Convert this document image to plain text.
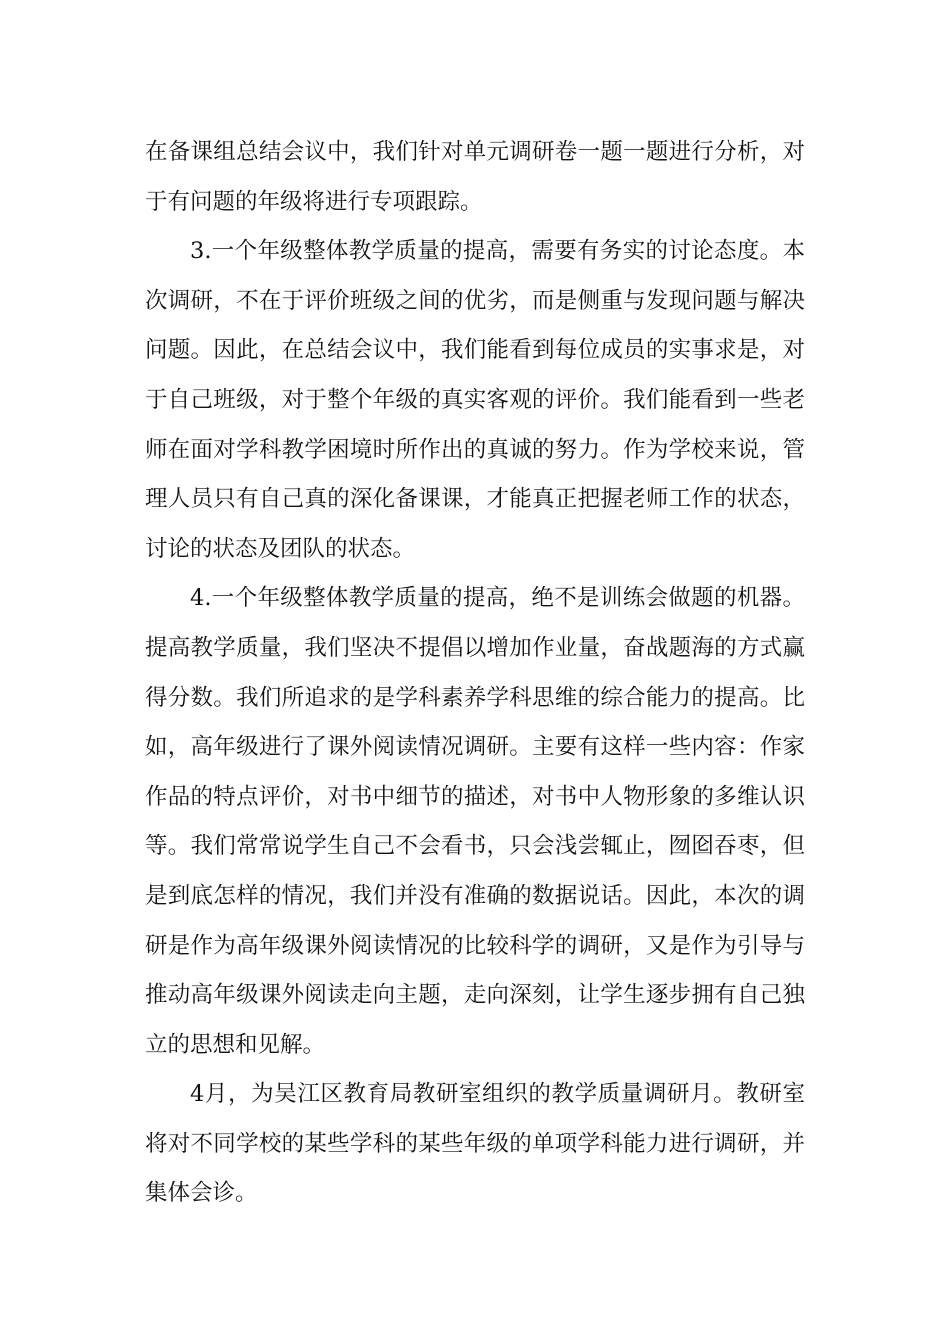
在备课组总结会议中，我们针对单元调研卷一题一题进行分析，对于有问题的年级将进行专项跟踪。

3.一个年级整体教学质量的提高，需要有务实的讨论态度。本次调研，不在于评价班级之间的优劣，而是侧重与发现问题与解决问题。因此，在总结会议中，我们能看到每位成员的实事求是，对于自己班级，对于整个年级的真实客观的评价。我们能看到一些老师在面对学科教学困境时所作出的真诚的努力。作为学校来说，管理人员只有自己真的深化备课课，才能真正把握老师工作的状态，讨论的状态及团队的状态。

4.一个年级整体教学质量的提高，绝不是训练会做题的机器。提高教学质量，我们坚决不提倡以增加作业量，奋战题海的方式赢得分数。我们所追求的是学科素养学科思维的综合能力的提高。比如，高年级进行了课外阅读情况调研。主要有这样一些内容：作家作品的特点评价，对书中细节的描述，对书中人物形象的多维认识等。我们常常说学生自己不会看书，只会浅尝辄止，囫囵吞枣，但是到底怎样的情况，我们并没有准确的数据说话。因此，本次的调研是作为高年级课外阅读情况的比较科学的调研，又是作为引导与推动高年级课外阅读走向主题，走向深刻，让学生逐步拥有自己独立的思想和见解。

4月，为吴江区教育局教研室组织的教学质量调研月。教研室将对不同学校的某些学科的某些年级的单项学科能力进行调研，并集体会诊。
